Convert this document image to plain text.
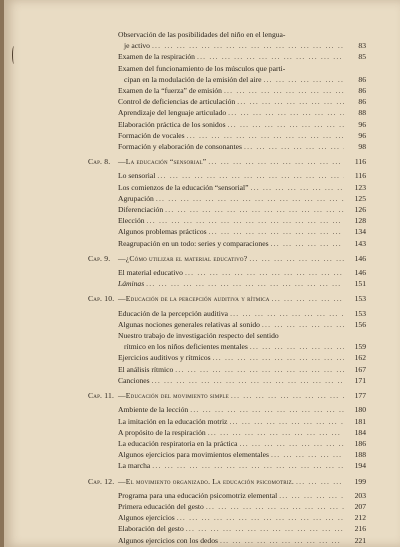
Observación de las posibilidades del niño en el lengua-
je activo ... .	83
Examen de la respiración ... .	85
Examen del funcionamiento de los músculos que parti-
cipan en la modulación de la emisión del aire ... .	86
Examen de la “fuerza” de emisión ... .	86
Control de deficiencias de articulación ... .	86
Aprendizaje del lenguaje articulado ... .	88
Elaboración práctica de los sonidos ... .	96
Formación de vocales ... .	96
Formación y elaboración de consonantes ... .	98
Cap. 8.	—La educación “sensorial” ... .	116
Lo sensorial ... .	116
Los comienzos de la educación “sensorial” ... .	123
Agrupación ... .	125
Diferenciación ... .	126
Elección ... .	128
Algunos problemas prácticos ... .	134
Reagrupación en un todo: series y comparaciones ... .	143
Cap. 9.	—¿Cómo utilizar el material educativo? ... .	146
El material educativo ... .	146
Láminas ... .	151
Cap. 10. —Educación de la percepción auditiva y rítmica ... .	153
Educación de la percepción auditiva ... .	153
Algunas nociones generales relativas al sonido ... .	156
Nuestro trabajo de investigación respecto del sentido
rítmico en los niños deficientes mentales ... .	159
Ejercicios auditivos y rítmicos ... .	162
El análisis rítmico ... .	167
Canciones ... .	171
Cap. 11. —Educación del movimiento simple ... .	177
Ambiente de la lección ... .	180
La imitación en la educación motriz ... .	181
A propósito de la respiración ... .	184
La educación respiratoria en la práctica ... .	186
Algunos ejercicios para movimientos elementales ... .	188
La marcha ... .	194
Cap. 12. —El movimiento organizado. La educación psicomotriz. ... .	199
Programa para una educación psicomotriz elemental ... .	203
Primera educación del gesto ... .	207
Algunos ejercicios ... .	212
Elaboración del gesto ... .	216
Algunos ejercicios con los dedos ... .	221
